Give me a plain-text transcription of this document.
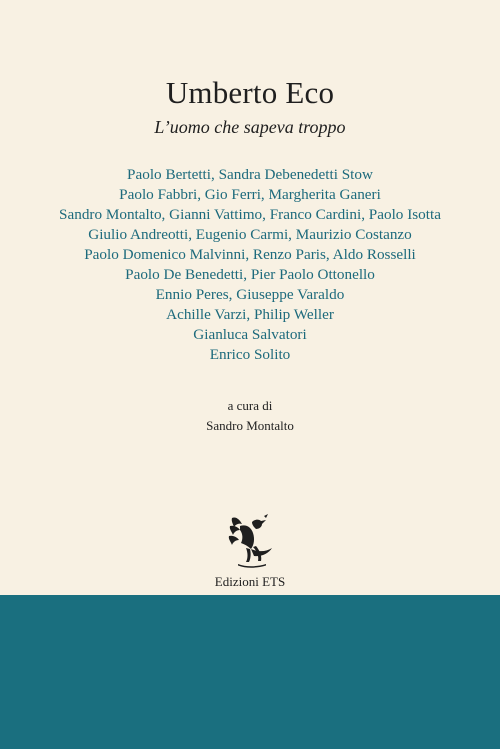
Umberto Eco
L’uomo che sapeva troppo
Paolo Bertetti, Sandra Debenedetti Stow
Paolo Fabbri, Gio Ferri, Margherita Ganeri
Sandro Montalto, Gianni Vattimo, Franco Cardini, Paolo Isotta
Giulio Andreotti, Eugenio Carmi, Maurizio Costanzo
Paolo Domenico Malvinni, Renzo Paris, Aldo Rosselli
Paolo De Benedetti, Pier Paolo Ottonello
Ennio Peres, Giuseppe Varaldo
Achille Varzi, Philip Weller
Gianluca Salvatori
Enrico Solito
a cura di
Sandro Montalto
Edizioni ETS
